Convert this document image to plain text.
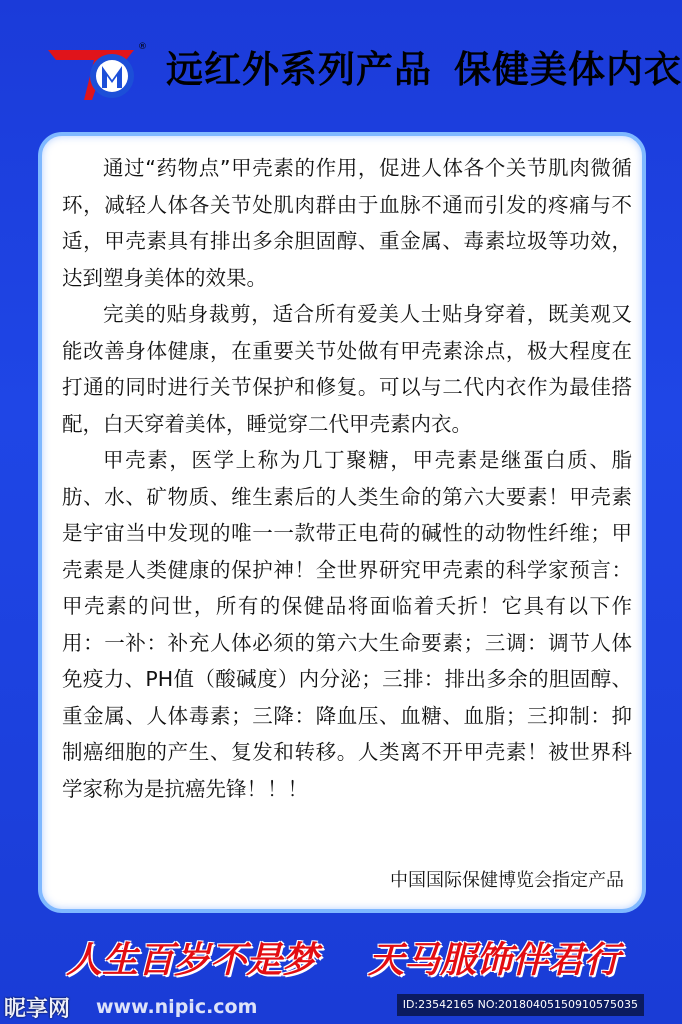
®
远红外系列产品 保健美体内衣

通过“药物点”甲壳素的作用，促进人体各个关节肌肉微循环，减轻人体各关节处肌肉群由于血脉不通而引发的疼痛与不适，甲壳素具有排出多余胆固醇、重金属、毒素垃圾等功效，达到塑身美体的效果。

完美的贴身裁剪，适合所有爱美人士贴身穿着，既美观又能改善身体健康，在重要关节处做有甲壳素涂点，极大程度在打通的同时进行关节保护和修复。可以与二代内衣作为最佳搭配，白天穿着美体，睡觉穿二代甲壳素内衣。

甲壳素，医学上称为几丁聚糖，甲壳素是继蛋白质、脂肪、水、矿物质、维生素后的人类生命的第六大要素！甲壳素是宇宙当中发现的唯一一款带正电荷的碱性的动物性纤维；甲壳素是人类健康的保护神！全世界研究甲壳素的科学家预言：甲壳素的问世，所有的保健品将面临着夭折！它具有以下作用：一补：补充人体必须的第六大生命要素；三调：调节人体免疫力、PH值（酸碱度）内分泌；三排：排出多余的胆固醇、重金属、人体毒素；三降：降血压、血糖、血脂；三抑制：抑制癌细胞的产生、复发和转移。人类离不开甲壳素！被世界科学家称为是抗癌先锋！！！

中国国际保健博览会指定产品
人生百岁不是梦 天马服饰伴君行
昵享网 www.nipic.com	ID:23542165 NO:20180405150910575035
